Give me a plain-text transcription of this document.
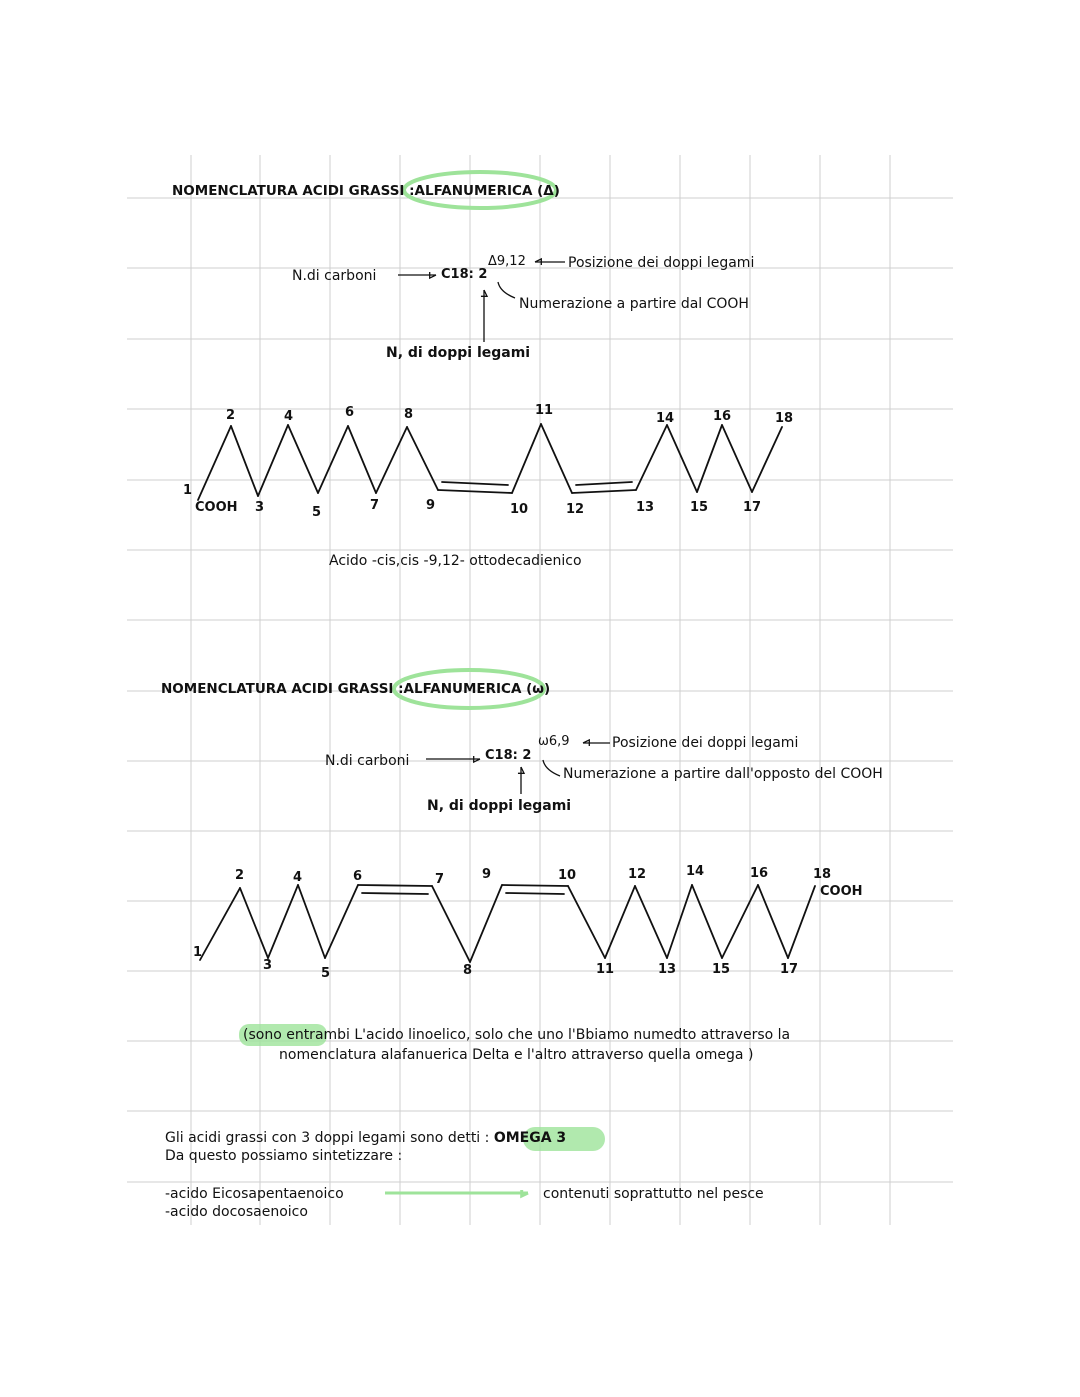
NOMENCLATURA ACIDI GRASSI :ALFANUMERICA (Δ)
N.di carboni	C18: 2
Δ9,12	Posizione dei doppi legami
Numerazione a partire dal COOH
N, di doppi legami
COOH
1
2
3
4
5
6
7
8
9	10
11
12	13
14
15
16
17
18
Acido -cis,cis -9,12- ottodecadienico
NOMENCLATURA ACIDI GRASSI :ALFANUMERICA (ω)
N.di carboni	C18: 2
ω6,9	Posizione dei doppi legami
Numerazione a partire dall'opposto del COOH
N, di doppi legami
COOH
1
2
3
4
5
6	7
8
9	10
11
12
13
14
15
16
17
18
(sono entrambi L'acido linoelico, solo che uno l'Bbiamo numedto attraverso la
nomenclatura alafanuerica Delta e l'altro attraverso quella omega )
Gli acidi grassi con 3 doppi legami sono detti : OMEGA 3
Da questo possiamo sintetizzare :
-acido Eicosapentaenoico
-acido docosaenoico
contenuti soprattutto nel pesce
